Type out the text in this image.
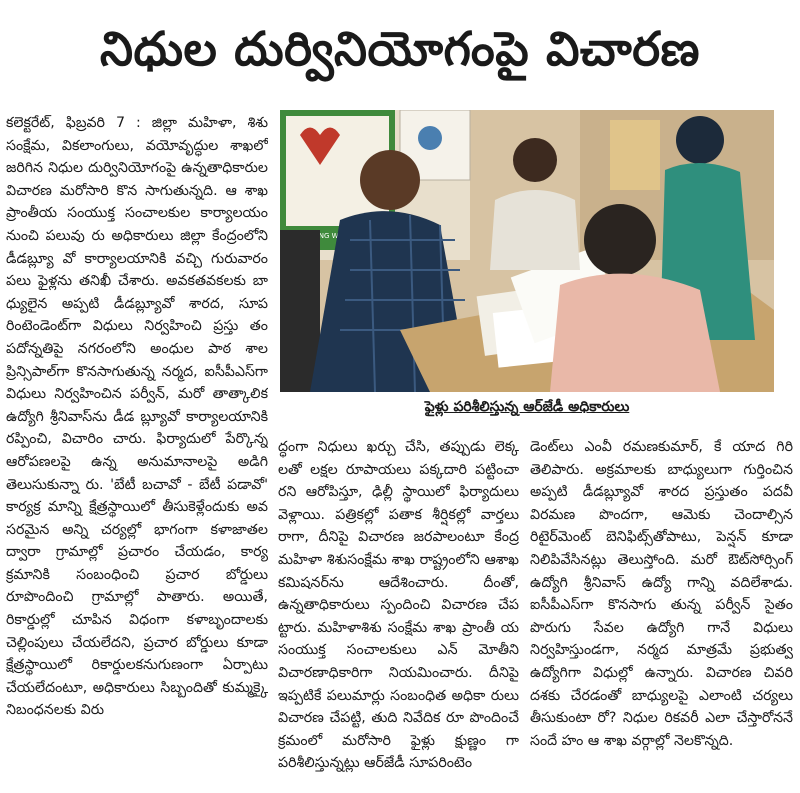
నిధుల దుర్వినియోగంపై విచారణ

కలెక్టరేట్, ఫిబ్రవరి 7 : జిల్లా మహిళా, శిశు సంక్షేమ, వికలాంగులు, వయోవృద్ధుల శాఖలో జరిగిన నిధుల దుర్వినియోగంపై ఉన్నతాధికారుల విచారణ మరోసారి కొన సాగుతున్నది. ఆ శాఖ ప్రాంతీయ సంయుక్త సంచాలకుల కార్యాలయం నుంచి పలువు రు అధికారులు జిల్లా కేంద్రంలోని డీడబ్ల్యూ వో కార్యాలయానికి వచ్చి గురువారం పలు ఫైళ్లను తనిఖీ చేశారు. అవకతవకలకు బా ధ్యులైన అప్పటి డీడబ్ల్యూవో శారద, సూప రింటెండెంట్‌గా విధులు నిర్వహించి ప్రస్తు తం పదోన్నతిపై నగరంలోని అంధుల పాఠ శాల ప్రిన్సిపాల్‌గా కొనసాగుతున్న నర్మద, ఐసీపీఎస్‌గా విధులు నిర్వహించిన పర్వీన్, మరో తాత్కాలిక ఉద్యోగి శ్రీనివాస్‌ను డీడ బ్ల్యూవో కార్యాలయానికి రప్పించి, విచారిం చారు. ఫిర్యాదులో పేర్కొన్న ఆరోపణలపై ఉన్న అనుమానాలపై అడిగి తెలుసుకున్నా రు. 'బేటీ బచావో - బేటీ పడావో' కార్యక్ర మాన్ని క్షేత్రస్థాయిలో తీసుకెళ్లేందుకు అవ సరమైన అన్ని చర్యల్లో భాగంగా కళాజాతల ద్వారా గ్రామాల్లో ప్రచారం చేయడం, కార్య క్రమానికి సంబంధించి ప్రచార బోర్డులు రూపొందించి గ్రామాల్లో పాతారు. అయితే, రికార్డుల్లో చూపిన విధంగా కళాబృందాలకు చెల్లింపులు చేయలేదని, ప్రచార బోర్డులు కూడా క్షేత్రస్థాయిలో రికార్డులకనుగుణంగా ఏర్పాటు చేయలేదంటూ, అధికారులు సిబ్బందితో కుమ్మక్కై నిబంధనలకు విరు

ఫైళ్లు పరిశీలిస్తున్న ఆర్‌జేడీ అధికారులు

ద్ధంగా నిధులు ఖర్చు చేసి, తప్పుడు లెక్క లతో లక్షల రూపాయలు పక్కదారి పట్టించా రని ఆరోపిస్తూ, ఢిల్లీ స్థాయిలో ఫిర్యాదులు వెళ్లాయి. పత్రికల్లో పతాక శీర్షికల్లో వార్తలు రాగా, దీనిపై విచారణ జరపాలంటూ కేంద్ర మహిళా శిశుసంక్షేమ శాఖ రాష్ట్రంలోని ఆశాఖ కమిషనర్‌ను ఆదేశించారు. దీంతో, ఉన్నతాధికారులు స్పందించి విచారణ చేప ట్టారు. మహిళాశిశు సంక్షేమ శాఖ ప్రాంతీ య సంయుక్త సంచాలకులు ఎన్ మోతీని విచారణాధికారిగా నియమించారు. దీనిపై ఇప్పటికే పలుమార్లు సంబంధిత అధికా రులు విచారణ చేపట్టి, తుది నివేదిక రూ పొందించే క్రమంలో మరోసారి ఫైళ్లు క్షుణ్ణం గా పరిశీలిస్తున్నట్లు ఆర్‌జేడీ సూపరింటెం

డెంట్‌లు ఎంవీ రమణకుమార్, కే యాద గిరి తెలిపారు. అక్రమాలకు బాధ్యులుగా గుర్తించిన అప్పటి డీడబ్ల్యూవో శారద ప్రస్తుతం పదవీ విరమణ పొందగా, ఆమెకు చెందాల్సిన రిటైర్‌మెంట్ బెనిఫిట్స్‌తోపాటు, పెన్షన్ కూడా నిలిపివేసినట్లు తెలుస్తోంది. మరో ఔట్‌సోర్సింగ్ ఉద్యోగి శ్రీనివాస్ ఉద్యో గాన్ని వదిలేశాడు. ఐసీపీఎస్‌గా కొనసాగు తున్న పర్వీన్ సైతం పొరుగు సేవల ఉద్యోగి గానే విధులు నిర్వహిస్తుండగా, నర్మద మాత్రమే ప్రభుత్వ ఉద్యోగిగా విధుల్లో ఉన్నారు. విచారణ చివరి దశకు చేరడంతో బాధ్యులపై ఎలాంటి చర్యలు తీసుకుంటా రో? నిధుల రికవరీ ఎలా చేస్తారోననే సందే హం ఆ శాఖ వర్గాల్లో నెలకొన్నది.
